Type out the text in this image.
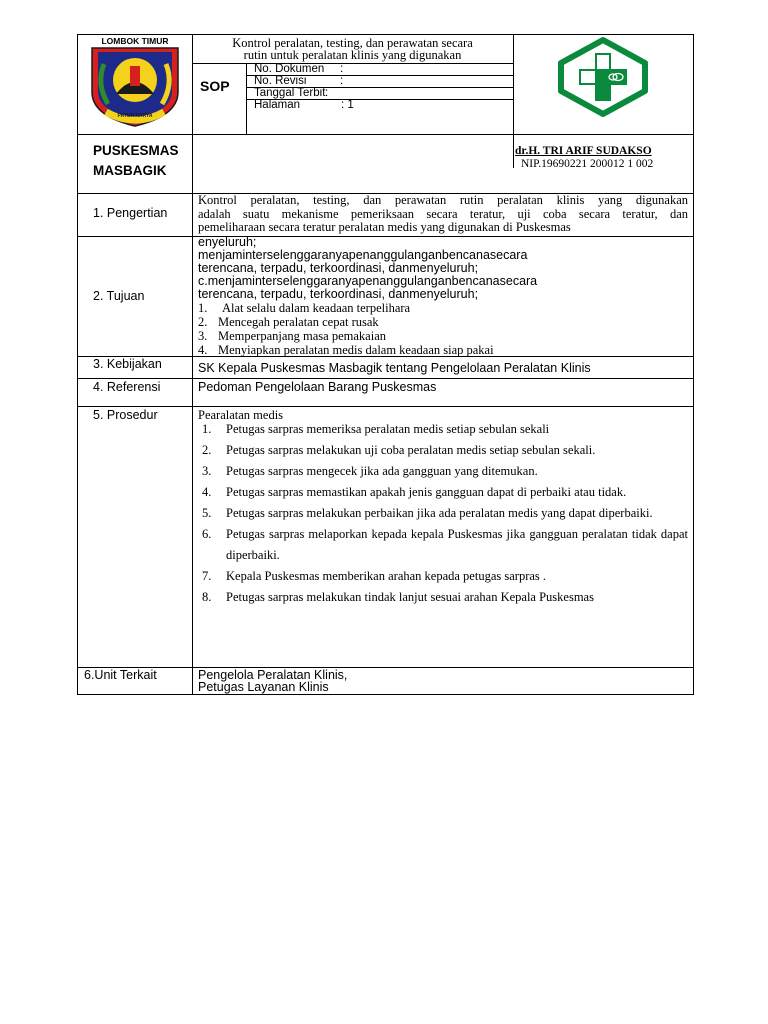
LOMBOK TIMUR
PATUH KARYA
Kontrol peralatan, testing, dan perawatan secara
rutin untuk peralatan klinis yang digunakan
SOP
No. Dokumen :
No. Revisi	:
Tanggal Terbit :
Halaman	: 1
PUSKESMAS
MASBAGIK
dr.H. TRI ARIF SUDAKSO
NIP.19690221 200012 1 002
1. Pengertian
Kontrol peralatan, testing, dan perawatan rutin peralatan klinis yang digunakan
adalah suatu mekanisme pemeriksaan secara teratur, uji coba secara teratur, dan
pemeliharaan secara teratur peralatan medis yang digunakan di Puskesmas
2. Tujuan
enyeluruh;
menjaminterselenggaranyapenanggulanganbencanasecara
terencana, terpadu, terkoordinasi, danmenyeluruh;
c.menjaminterselenggaranyapenanggulanganbencanasecara
terencana, terpadu, terkoordinasi, danmenyeluruh;
1. Alat selalu dalam keadaan terpelihara
2. Mencegah peralatan cepat rusak
3. Memperpanjang masa pemakaian
4. Menyiapkan peralatan medis dalam keadaan siap pakai
3. Kebijakan	SK Kepala Puskesmas Masbagik tentang Pengelolaan Peralatan Klinis
4. Referensi	Pedoman Pengelolaan Barang Puskesmas
5. Prosedur	Pearalatan medis
1. Petugas sarpras memeriksa peralatan medis setiap sebulan sekali
2. Petugas sarpras melakukan uji coba peralatan medis setiap sebulan sekali.
3. Petugas sarpras mengecek jika ada gangguan yang ditemukan.
4. Petugas sarpras memastikan apakah jenis gangguan dapat di perbaiki atau tidak.
5. Petugas sarpras melakukan perbaikan jika ada peralatan medis yang dapat diperbaiki.
6. Petugas sarpras melaporkan kepada kepala Puskesmas jika gangguan peralatan tidak dapat diperbaiki.
7. Kepala Puskesmas memberikan arahan kepada petugas sarpras .
8. Petugas sarpras melakukan tindak lanjut sesuai arahan Kepala Puskesmas
6.Unit Terkait	Pengelola Peralatan Klinis,
Petugas Layanan Klinis
